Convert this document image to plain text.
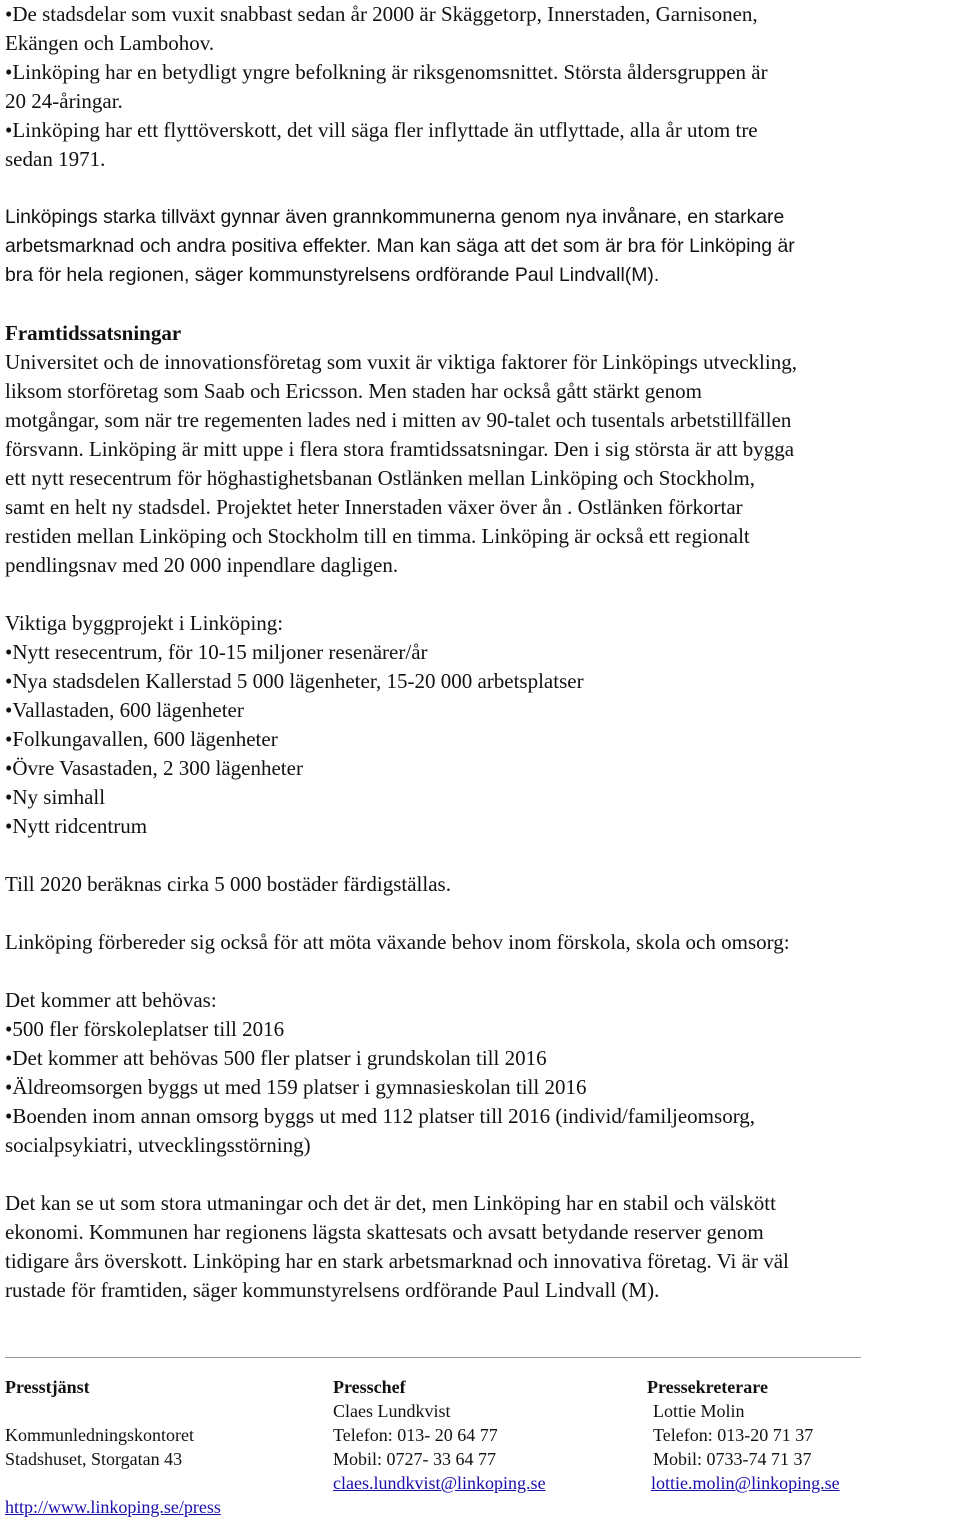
•De stadsdelar som vuxit snabbast sedan år 2000 är Skäggetorp, Innerstaden, Garnisonen,
Ekängen och Lambohov.
•Linköping har en betydligt yngre befolkning är riksgenomsnittet. Största åldersgruppen är
20 24-åringar.
•Linköping har ett flyttöverskott, det vill säga fler inflyttade än utflyttade, alla år utom tre
sedan 1971.
Linköpings starka tillväxt gynnar även grannkommunerna genom nya invånare, en starkare
arbetsmarknad och andra positiva effekter. Man kan säga att det som är bra för Linköping är
bra för hela regionen, säger kommunstyrelsens ordförande Paul Lindvall(M).
Framtidssatsningar
Universitet och de innovationsföretag som vuxit är viktiga faktorer för Linköpings utveckling,
liksom storföretag som Saab och Ericsson. Men staden har också gått stärkt genom
motgångar, som när tre regementen lades ned i mitten av 90-talet och tusentals arbetstillfällen
försvann. Linköping är mitt uppe i flera stora framtidssatsningar. Den i sig största är att bygga
ett nytt resecentrum för höghastighetsbanan Ostlänken mellan Linköping och Stockholm,
samt en helt ny stadsdel. Projektet heter Innerstaden växer över ån . Ostlänken förkortar
restiden mellan Linköping och Stockholm till en timma. Linköping är också ett regionalt
pendlingsnav med 20 000 inpendlare dagligen.
Viktiga byggprojekt i Linköping:
•Nytt resecentrum, för 10-15 miljoner resenärer/år
•Nya stadsdelen Kallerstad 5 000 lägenheter, 15-20 000 arbetsplatser
•Vallastaden, 600 lägenheter
•Folkungavallen, 600 lägenheter
•Övre Vasastaden, 2 300 lägenheter
•Ny simhall
•Nytt ridcentrum
Till 2020 beräknas cirka 5 000 bostäder färdigställas.
Linköping förbereder sig också för att möta växande behov inom förskola, skola och omsorg:
Det kommer att behövas:
•500 fler förskoleplatser till 2016
•Det kommer att behövas 500 fler platser i grundskolan till 2016
•Äldreomsorgen byggs ut med 159 platser i gymnasieskolan till 2016
•Boenden inom annan omsorg byggs ut med 112 platser till 2016 (individ/familjeomsorg,
socialpsykiatri, utvecklingsstörning)
Det kan se ut som stora utmaningar och det är det, men Linköping har en stabil och välskött
ekonomi. Kommunen har regionens lägsta skattesats och avsatt betydande reserver genom
tidigare års överskott. Linköping har en stark arbetsmarknad och innovativa företag. Vi är väl
rustade för framtiden, säger kommunstyrelsens ordförande Paul Lindvall (M).
Presstjänst
Kommunledningskontoret
Stadshuset, Storgatan 43
http://www.linkoping.se/press
Presschef
Claes Lundkvist
Telefon: 013- 20 64 77
Mobil: 0727- 33 64 77
claes.lundkvist@linkoping.se
Pressekreterare
Lottie Molin
Telefon: 013-20 71 37
Mobil: 0733-74 71 37
lottie.molin@linkoping.se
